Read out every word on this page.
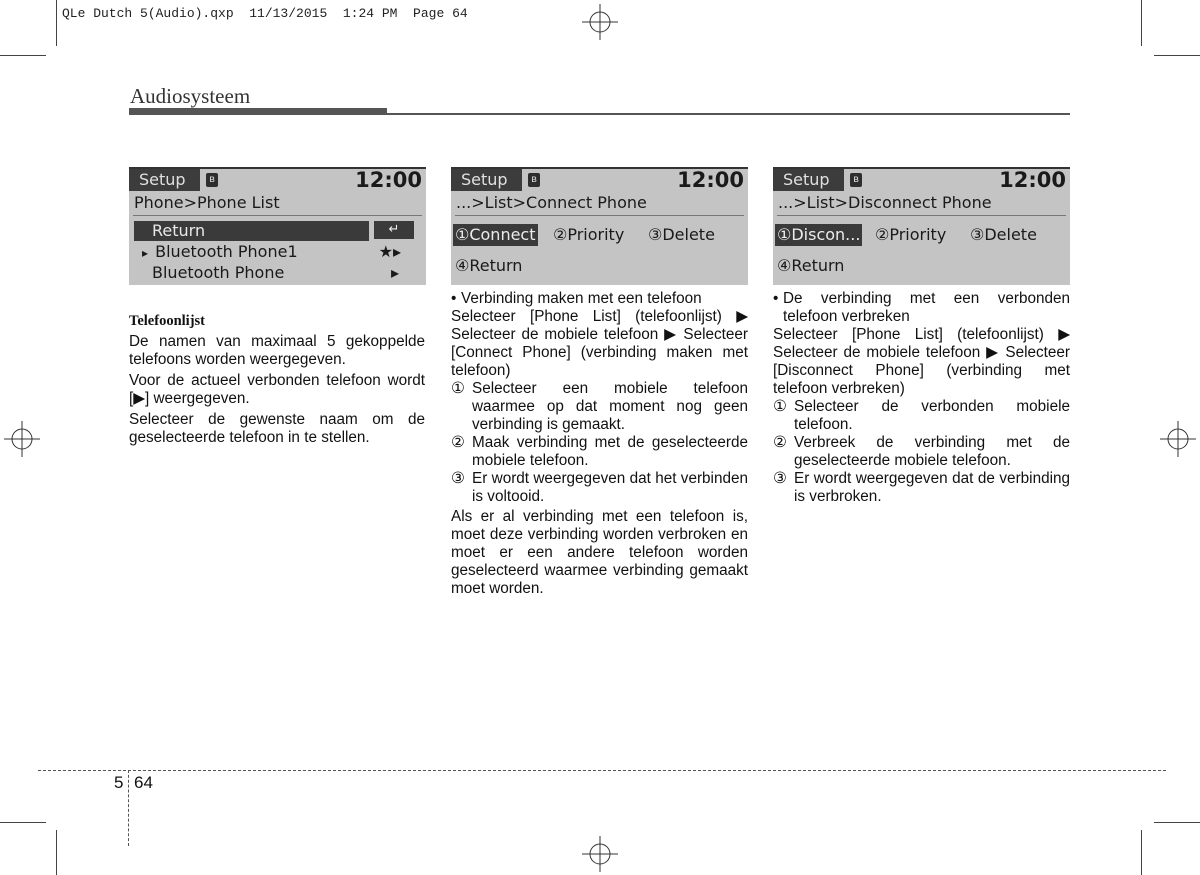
QLe Dutch 5(Audio).qxp  11/13/2015  1:24 PM  Page 64
Audiosysteem
Setup	ʙ	12:00
Phone>Phone List
Return	↵
▸ Bluetooth Phone1	★▸
Bluetooth Phone	▸
Setup	ʙ	12:00
...>List>Connect Phone
①Connect ②Priority ③Delete
④Return
Setup	ʙ	12:00
...>List>Disconnect Phone
①Discon... ②Priority ③Delete
④Return

Telefoonlijst

De namen van maximaal 5 gekoppelde telefoons worden weergegeven.

Voor de actueel verbonden telefoon wordt [▶] weergegeven.

Selecteer de gewenste naam om de geselecteerde telefoon in te stellen.

• Verbinding maken met een telefoon

Selecteer [Phone List] (telefoonlijst) ▶ Selecteer de mobiele telefoon ▶ Selecteer [Connect Phone] (verbinding maken met telefoon)

① Selecteer een mobiele telefoon waarmee op dat moment nog geen verbinding is gemaakt.

② Maak verbinding met de geselecteerde mobiele telefoon.

③ Er wordt weergegeven dat het verbinden is voltooid.

Als er al verbinding met een telefoon is, moet deze verbinding worden verbroken en moet er een andere telefoon worden geselecteerd waarmee verbinding gemaakt moet worden.

• De verbinding met een verbonden telefoon verbreken

Selecteer [Phone List] (telefoonlijst) ▶ Selecteer de mobiele telefoon ▶ Selecteer [Disconnect Phone] (verbinding met telefoon verbreken)

① Selecteer de verbonden mobiele telefoon.

② Verbreek de verbinding met de geselecteerde mobiele telefoon.

③ Er wordt weergegeven dat de verbinding is verbroken.

5 64
